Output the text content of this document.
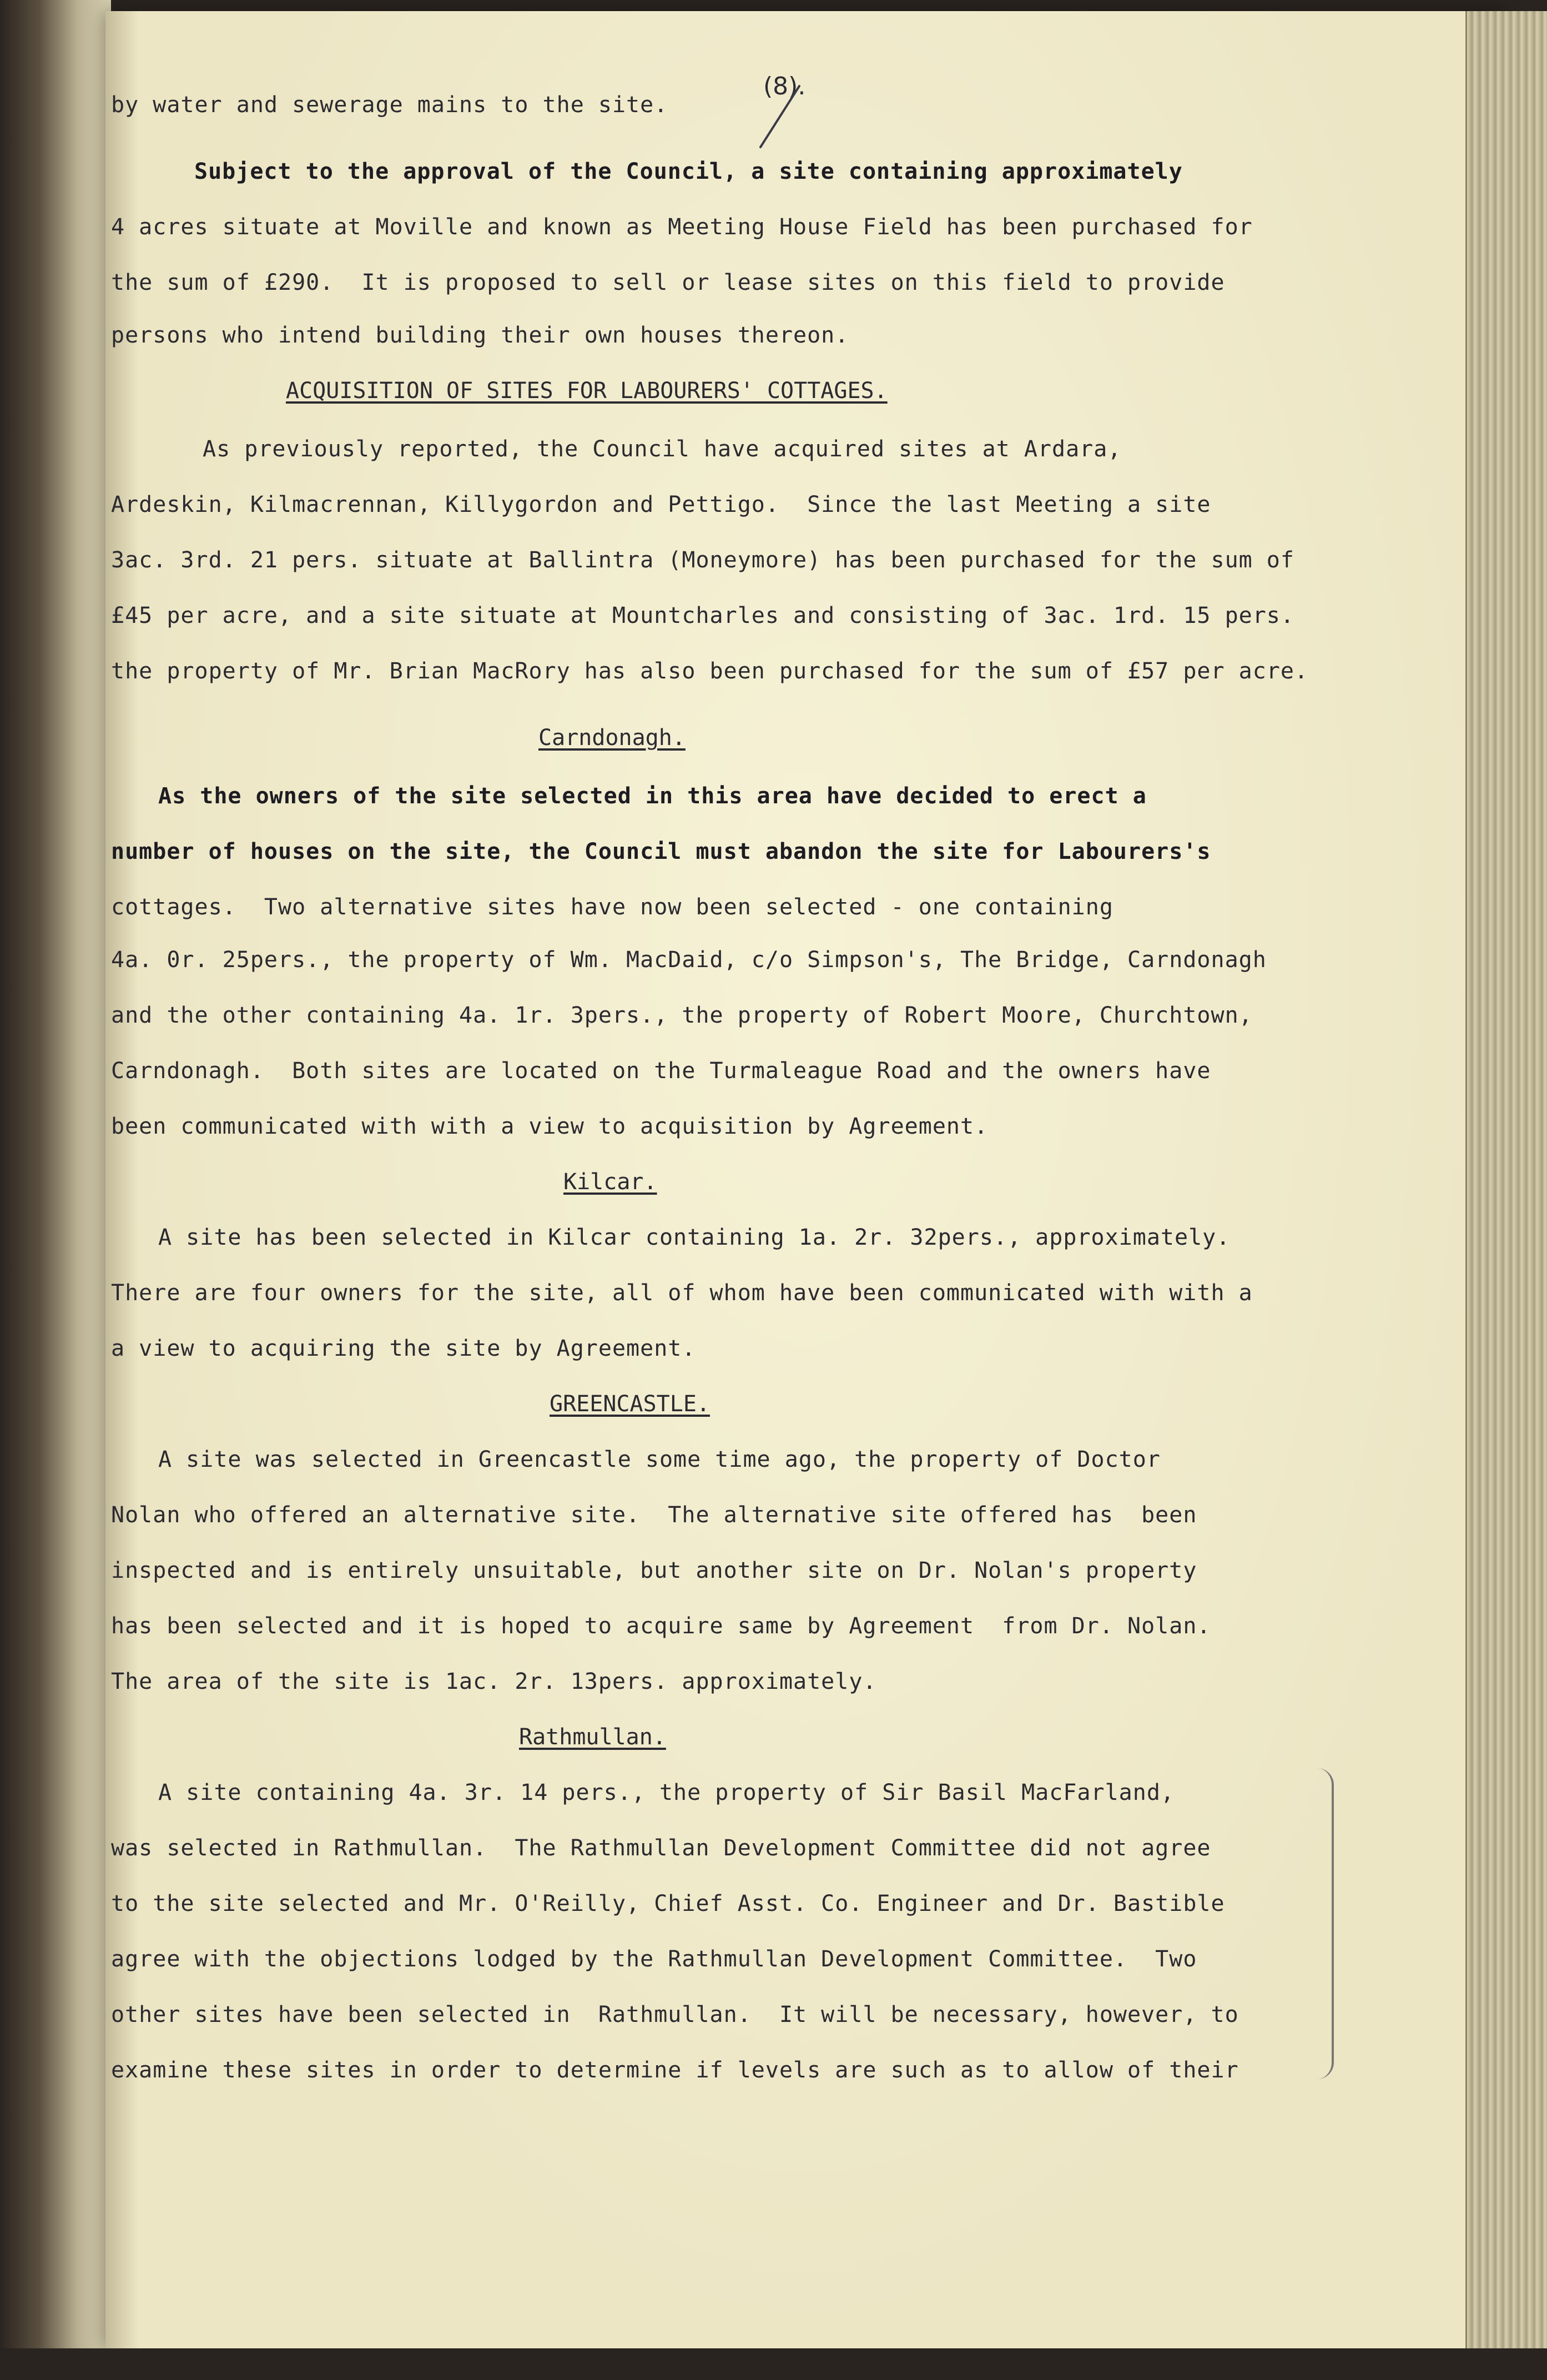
(8).
by water and sewerage mains to the site.
Subject to the approval of the Council, a site containing approximately
4 acres situate at Moville and known as Meeting House Field has been purchased for
the sum of £290.  It is proposed to sell or lease sites on this field to provide
persons who intend building their own houses thereon.
ACQUISITION OF SITES FOR LABOURERS' COTTAGES.
As previously reported, the Council have acquired sites at Ardara,
Ardeskin, Kilmacrennan, Killygordon and Pettigo.  Since the last Meeting a site
3ac. 3rd. 21 pers. situate at Ballintra (Moneymore) has been purchased for the sum of
£45 per acre, and a site situate at Mountcharles and consisting of 3ac. 1rd. 15 pers.
the property of Mr. Brian MacRory has also been purchased for the sum of £57 per acre.
Carndonagh.
As the owners of the site selected in this area have decided to erect a
number of houses on the site, the Council must abandon the site for Labourers's
cottages.  Two alternative sites have now been selected - one containing
4a. 0r. 25pers., the property of Wm. MacDaid, c/o Simpson's, The Bridge, Carndonagh
and the other containing 4a. 1r. 3pers., the property of Robert Moore, Churchtown,
Carndonagh.  Both sites are located on the Turmaleague Road and the owners have
been communicated with with a view to acquisition by Agreement.
Kilcar.
A site has been selected in Kilcar containing 1a. 2r. 32pers., approximately.
There are four owners for the site, all of whom have been communicated with with a
a view to acquiring the site by Agreement.
GREENCASTLE.
A site was selected in Greencastle some time ago, the property of Doctor
Nolan who offered an alternative site.  The alternative site offered has  been
inspected and is entirely unsuitable, but another site on Dr. Nolan's property
has been selected and it is hoped to acquire same by Agreement  from Dr. Nolan.
The area of the site is 1ac. 2r. 13pers. approximately.
Rathmullan.
A site containing 4a. 3r. 14 pers., the property of Sir Basil MacFarland,
was selected in Rathmullan.  The Rathmullan Development Committee did not agree
to the site selected and Mr. O'Reilly, Chief Asst. Co. Engineer and Dr. Bastible
agree with the objections lodged by the Rathmullan Development Committee.  Two
other sites have been selected in  Rathmullan.  It will be necessary, however, to
examine these sites in order to determine if levels are such as to allow of their
